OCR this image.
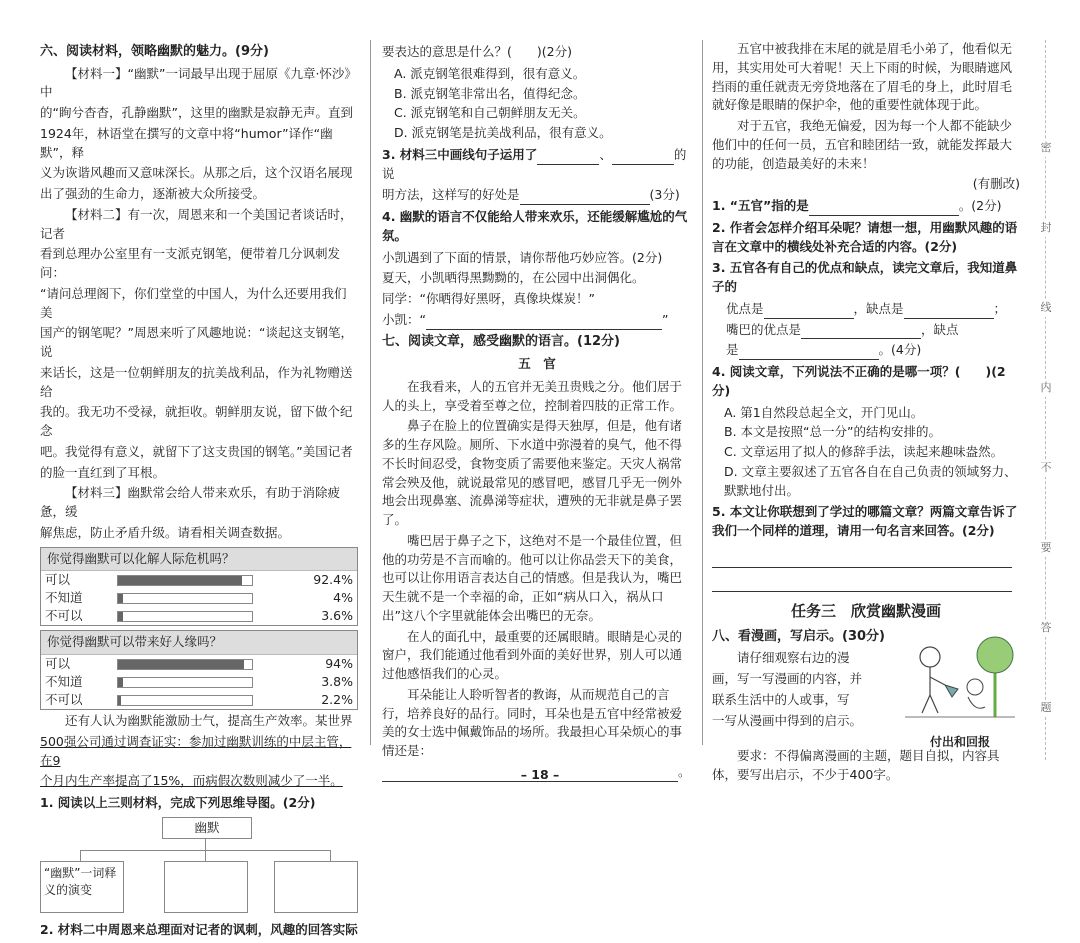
六、阅读材料，领略幽默的魅力。(9分)

【材料一】“幽默”一词最早出现于屈原《九章·怀沙》中

的“眴兮杳杳，孔静幽默”，这里的幽默是寂静无声。直到

1924年，林语堂在撰写的文章中将“humor”译作“幽默”，释

义为诙谐风趣而又意味深长。从那之后，这个汉语名展现

出了强劲的生命力，逐渐被大众所接受。

【材料二】有一次，周恩来和一个美国记者谈话时，记者

看到总理办公室里有一支派克钢笔，便带着几分讽刺发问：

“请问总理阁下，你们堂堂的中国人，为什么还要用我们美

国产的钢笔呢？”周恩来听了风趣地说：“谈起这支钢笔，说

来话长，这是一位朝鲜朋友的抗美战利品，作为礼物赠送给

我的。我无功不受禄，就拒收。朝鲜朋友说，留下做个纪念

吧。我觉得有意义，就留下了这支贵国的钢笔。”美国记者

的脸一直红到了耳根。

【材料三】幽默常会给人带来欢乐，有助于消除疲惫，缓

解焦虑，防止矛盾升级。请看相关调查数据。

你觉得幽默可以化解人际危机吗？
可以	92.4%
不知道	4%
不可以	3.6%
你觉得幽默可以带来好人缘吗？
可以	94%
不知道	3.8%
不可以	2.2%

还有人认为幽默能激励士气，提高生产效率。某世界

500强公司通过调查证实：参加过幽默训练的中层主管，在9

个月内生产率提高了15%，而病假次数则减少了一半。

1. 阅读以上三则材料，完成下列思维导图。(2分)

幽默
“幽默”一词释义的演变

2. 材料二中周恩来总理面对记者的讽刺，风趣的回答实际

要表达的意思是什么？(　　)(2分)

A. 派克钢笔很难得到，很有意义。

B. 派克钢笔非常出名，值得纪念。

C. 派克钢笔和自己朝鲜朋友无关。

D. 派克钢笔是抗美战利品，很有意义。

3. 材料三中画线句子运用了	、	的说

明方法，这样写的好处是	(3分)

4. 幽默的语言不仅能给人带来欢乐，还能缓解尴尬的气氛。

小凯遇到了下面的情景，请你帮他巧妙应答。(2分)

夏天，小凯晒得黑黝黝的，在公园中出洞偶化。

同学：“你晒得好黑呀，真像块煤炭！”

小凯：“	”

七、阅读文章，感受幽默的语言。(12分)

五　官

在我看来，人的五官并无美丑贵贱之分。他们居于人的头上，享受着至尊之位，控制着四肢的正常工作。

鼻子在脸上的位置确实是得天独厚，但是，他有诸多的生存风险。厕所、下水道中弥漫着的臭气，他不得不长时间忍受，食物变质了需要他来鉴定。天灾人祸常常会殃及他，就说最常见的感冒吧，感冒几乎无一例外地会出现鼻塞、流鼻涕等症状，遭殃的无非就是鼻子罢了。

嘴巴居于鼻子之下，这绝对不是一个最佳位置，但他的功劳是不言而喻的。他可以让你品尝天下的美食，也可以让你用语言表达自己的情感。但是我认为，嘴巴天生就不是一个幸福的命，正如“病从口入，祸从口出”这八个字里就能体会出嘴巴的无奈。

在人的面孔中，最重要的还属眼睛。眼睛是心灵的窗户，我们能通过他看到外面的美好世界，别人可以通过他感悟我们的心灵。

耳朵能让人聆听智者的教诲，从而规范自己的言行，培养良好的品行。同时，耳朵也是五官中经常被爱美的女士选中佩戴饰品的场所。我最担心耳朵烦心的事情还是：

。

五官中被我排在末尾的就是眉毛小弟了，他看似无用，其实用处可大着呢！天上下雨的时候，为眼睛遮风挡雨的重任就责无旁贷地落在了眉毛的身上，此时眉毛就好像是眼睛的保护伞，他的重要性就体现于此。

对于五官，我绝无偏爱，因为每一个人都不能缺少他们中的任何一员，五官和睦团结一致，就能发挥最大的功能，创造最美好的未来！

(有删改)

1. “五官”指的是	。(2分)

2. 作者会怎样介绍耳朵呢？请想一想，用幽默风趣的语言在文章中的横线处补充合适的内容。(2分)

3. 五官各有自己的优点和缺点，读完文章后，我知道鼻子的

优点是	，缺点是	；

嘴巴的优点是	，缺点

是	。(4分)

4. 阅读文章，下列说法不正确的是哪一项？(　　)(2分)

A. 第1自然段总起全文，开门见山。

B. 本文是按照“总一分”的结构安排的。

C. 文章运用了拟人的修辞手法，读起来趣味盎然。

D. 文章主要叙述了五官各自在自己负责的领域努力、默默地付出。

5. 本文让你联想到了学过的哪篇文章？两篇文章告诉了我们一个同样的道理，请用一句名言来回答。(2分)

任务三　欣赏幽默漫画

八、看漫画，写启示。(30分)

请仔细观察右边的漫

画，写一写漫画的内容，并

联系生活中的人或事，写

一写从漫画中得到的启示。

付出和回报

要求：不得偏离漫画的主题，题目自拟，内容具体，要写出启示，不少于400字。

密
封
线
内
不
要
答
题
– 18 –
